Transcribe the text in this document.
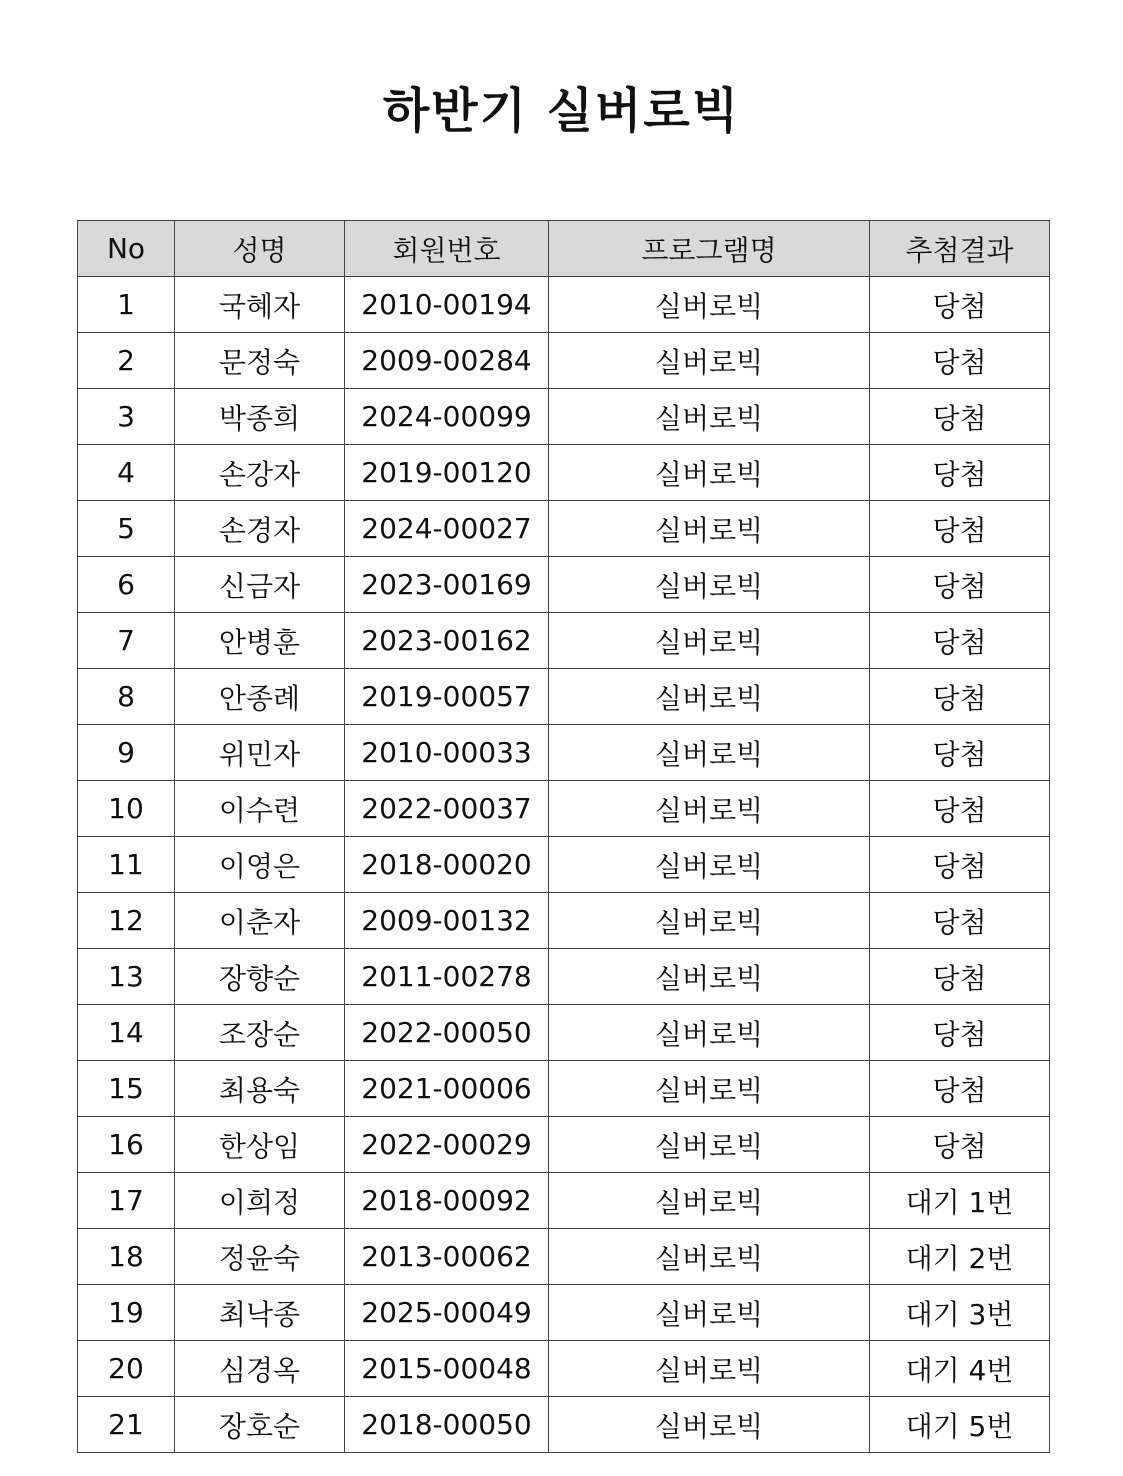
하반기 실버로빅
No	성명	회원번호	프로그램명	추첨결과
1	국혜자	2010-00194	실버로빅	당첨
2	문정숙	2009-00284	실버로빅	당첨
3	박종희	2024-00099	실버로빅	당첨
4	손강자	2019-00120	실버로빅	당첨
5	손경자	2024-00027	실버로빅	당첨
6	신금자	2023-00169	실버로빅	당첨
7	안병훈	2023-00162	실버로빅	당첨
8	안종례	2019-00057	실버로빅	당첨
9	위민자	2010-00033	실버로빅	당첨
10	이수련	2022-00037	실버로빅	당첨
11	이영은	2018-00020	실버로빅	당첨
12	이춘자	2009-00132	실버로빅	당첨
13	장향순	2011-00278	실버로빅	당첨
14	조장순	2022-00050	실버로빅	당첨
15	최용숙	2021-00006	실버로빅	당첨
16	한상임	2022-00029	실버로빅	당첨
17	이희정	2018-00092	실버로빅	대기 1번
18	정윤숙	2013-00062	실버로빅	대기 2번
19	최낙종	2025-00049	실버로빅	대기 3번
20	심경옥	2015-00048	실버로빅	대기 4번
21	장호순	2018-00050	실버로빅	대기 5번
